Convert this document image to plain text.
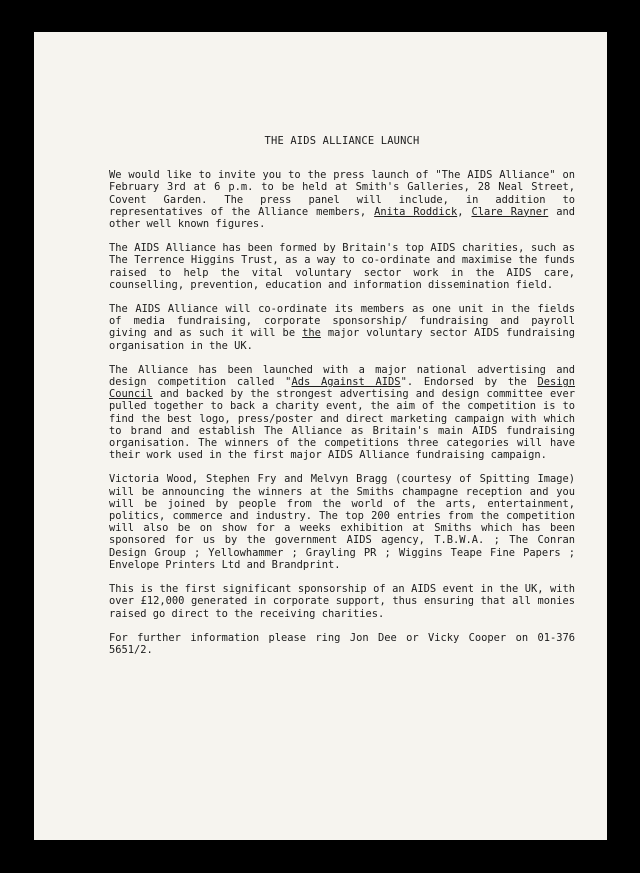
THE AIDS ALLIANCE LAUNCH

We would like to invite you to the press launch of "The AIDS Alliance" on February 3rd at 6 p.m. to be held at Smith's Galleries, 28 Neal Street, Covent Garden. The press panel will include, in addition to representatives of the Alliance members, Anita Roddick, Clare Rayner and other well known figures.

The AIDS Alliance has been formed by Britain's top AIDS charities, such as The Terrence Higgins Trust, as a way to co-ordinate and maximise the funds raised to help the vital voluntary sector work in the AIDS care, counselling, prevention, education and information dissemination field.

The AIDS Alliance will co-ordinate its members as one unit in the fields of media fundraising, corporate sponsorship/ fundraising and payroll giving and as such it will be the major voluntary sector AIDS fundraising organisation in the UK.

The Alliance has been launched with a major national advertising and design competition called "Ads Against AIDS". Endorsed by the Design Council and backed by the strongest advertising and design committee ever pulled together to back a charity event, the aim of the competition is to find the best logo, press/poster and direct marketing campaign with which to brand and establish The Alliance as Britain's main AIDS fundraising organisation. The winners of the competitions three categories will have their work used in the first major AIDS Alliance fundraising campaign.

Victoria Wood, Stephen Fry and Melvyn Bragg (courtesy of Spitting Image) will be announcing the winners at the Smiths champagne reception and you will be joined by people from the world of the arts, entertainment, politics, commerce and industry. The top 200 entries from the competition will also be on show for a weeks exhibition at Smiths which has been sponsored for us by the government AIDS agency, T.B.W.A. ; The Conran Design Group ; Yellowhammer ; Grayling PR ; Wiggins Teape Fine Papers ; Envelope Printers Ltd and Brandprint.

This is the first significant sponsorship of an AIDS event in the UK, with over £12,000 generated in corporate support, thus ensuring that all monies raised go direct to the receiving charities.

For further information please ring Jon Dee or Vicky Cooper on 01-376 5651/2.
